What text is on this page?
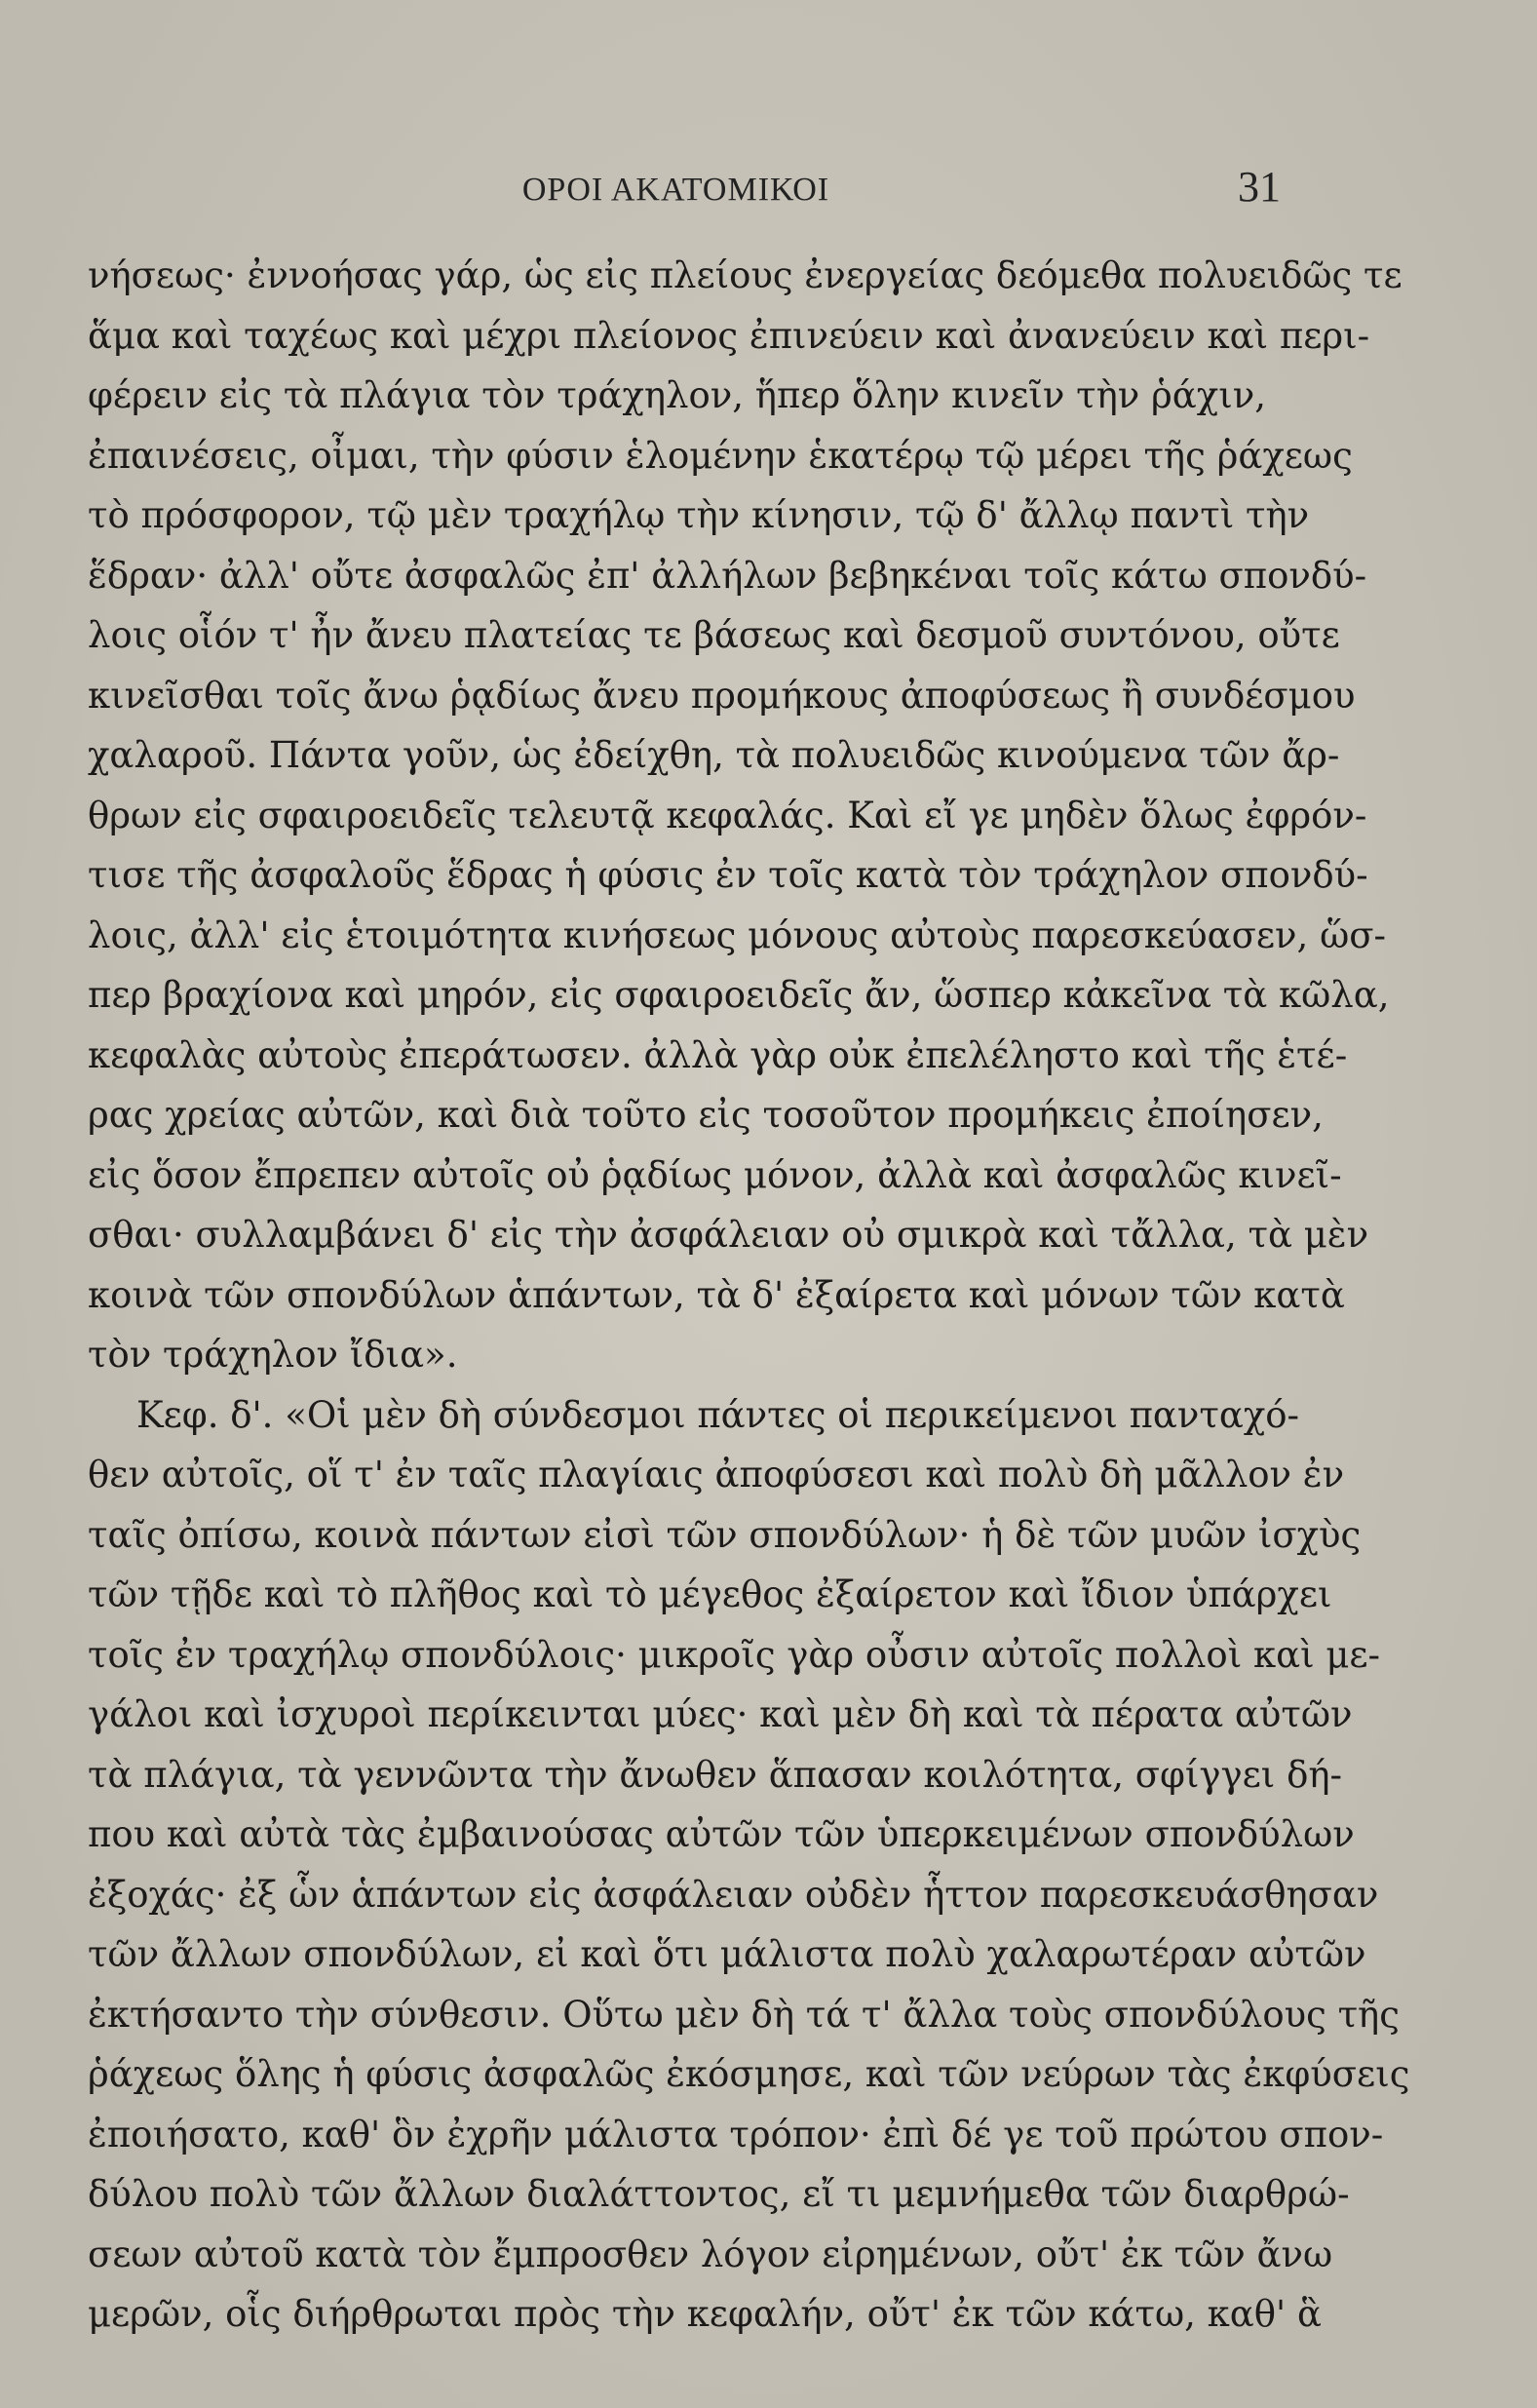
ΟΡΟΙ ΑΚΑΤΟΜΙΚΟΙ	31
νήσεως· ἐννοήσας γάρ, ὡς εἰς πλείους ἐνεργείας δεόμεθα πολυειδῶς τε
ἅμα καὶ ταχέως καὶ μέχρι πλείονος ἐπινεύειν καὶ ἀνανεύειν καὶ περι-
φέρειν εἰς τὰ πλάγια τὸν τράχηλον, ἥπερ ὅλην κινεῖν τὴν ῥάχιν,
ἐπαινέσεις, οἶμαι, τὴν φύσιν ἑλομένην ἑκατέρῳ τῷ μέρει τῆς ῥάχεως
τὸ πρόσφορον, τῷ μὲν τραχήλῳ τὴν κίνησιν, τῷ δ' ἄλλῳ παντὶ τὴν
ἕδραν· ἀλλ' οὔτε ἀσφαλῶς ἐπ' ἀλλήλων βεβηκέναι τοῖς κάτω σπονδύ-
λοις οἷόν τ' ἦν ἄνευ πλατείας τε βάσεως καὶ δεσμοῦ συντόνου, οὔτε
κινεῖσθαι τοῖς ἄνω ῥᾳδίως ἄνευ προμήκους ἀποφύσεως ἢ συνδέσμου
χαλαροῦ. Πάντα γοῦν, ὡς ἐδείχθη, τὰ πολυειδῶς κινούμενα τῶν ἄρ-
θρων εἰς σφαιροειδεῖς τελευτᾷ κεφαλάς. Καὶ εἴ γε μηδὲν ὅλως ἐφρόν-
τισε τῆς ἀσφαλοῦς ἕδρας ἡ φύσις ἐν τοῖς κατὰ τὸν τράχηλον σπονδύ-
λοις, ἀλλ' εἰς ἑτοιμότητα κινήσεως μόνους αὐτοὺς παρεσκεύασεν, ὥσ-
περ βραχίονα καὶ μηρόν, εἰς σφαιροειδεῖς ἄν, ὥσπερ κἀκεῖνα τὰ κῶλα,
κεφαλὰς αὐτοὺς ἐπεράτωσεν. ἀλλὰ γὰρ οὐκ ἐπελέληστο καὶ τῆς ἑτέ-
ρας χρείας αὐτῶν, καὶ διὰ τοῦτο εἰς τοσοῦτον προμήκεις ἐποίησεν,
εἰς ὅσον ἔπρεπεν αὐτοῖς οὐ ῥᾳδίως μόνον, ἀλλὰ καὶ ἀσφαλῶς κινεῖ-
σθαι· συλλαμβάνει δ' εἰς τὴν ἀσφάλειαν οὐ σμικρὰ καὶ τἄλλα, τὰ μὲν
κοινὰ τῶν σπονδύλων ἁπάντων, τὰ δ' ἐξαίρετα καὶ μόνων τῶν κατὰ
τὸν τράχηλον ἴδια».
Κεφ. δ'. «Οἱ μὲν δὴ σύνδεσμοι πάντες οἱ περικείμενοι πανταχό-
θεν αὐτοῖς, οἵ τ' ἐν ταῖς πλαγίαις ἀποφύσεσι καὶ πολὺ δὴ μᾶλλον ἐν
ταῖς ὀπίσω, κοινὰ πάντων εἰσὶ τῶν σπονδύλων· ἡ δὲ τῶν μυῶν ἰσχὺς
τῶν τῇδε καὶ τὸ πλῆθος καὶ τὸ μέγεθος ἐξαίρετον καὶ ἴδιον ὑπάρχει
τοῖς ἐν τραχήλῳ σπονδύλοις· μικροῖς γὰρ οὖσιν αὐτοῖς πολλοὶ καὶ με-
γάλοι καὶ ἰσχυροὶ περίκεινται μύες· καὶ μὲν δὴ καὶ τὰ πέρατα αὐτῶν
τὰ πλάγια, τὰ γεννῶντα τὴν ἄνωθεν ἅπασαν κοιλότητα, σφίγγει δή-
που καὶ αὐτὰ τὰς ἐμβαινούσας αὐτῶν τῶν ὑπερκειμένων σπονδύλων
ἐξοχάς· ἐξ ὧν ἁπάντων εἰς ἀσφάλειαν οὐδὲν ἧττον παρεσκευάσθησαν
τῶν ἄλλων σπονδύλων, εἰ καὶ ὅτι μάλιστα πολὺ χαλαρωτέραν αὐτῶν
ἐκτήσαντο τὴν σύνθεσιν. Οὕτω μὲν δὴ τά τ' ἄλλα τοὺς σπονδύλους τῆς
ῥάχεως ὅλης ἡ φύσις ἀσφαλῶς ἐκόσμησε, καὶ τῶν νεύρων τὰς ἐκφύσεις
ἐποιήσατο, καθ' ὃν ἐχρῆν μάλιστα τρόπον· ἐπὶ δέ γε τοῦ πρώτου σπον-
δύλου πολὺ τῶν ἄλλων διαλάττοντος, εἴ τι μεμνήμεθα τῶν διαρθρώ-
σεων αὐτοῦ κατὰ τὸν ἔμπροσθεν λόγον εἰρημένων, οὔτ' ἐκ τῶν ἄνω
μερῶν, οἷς διήρθρωται πρὸς τὴν κεφαλήν, οὔτ' ἐκ τῶν κάτω, καθ' ἃ
